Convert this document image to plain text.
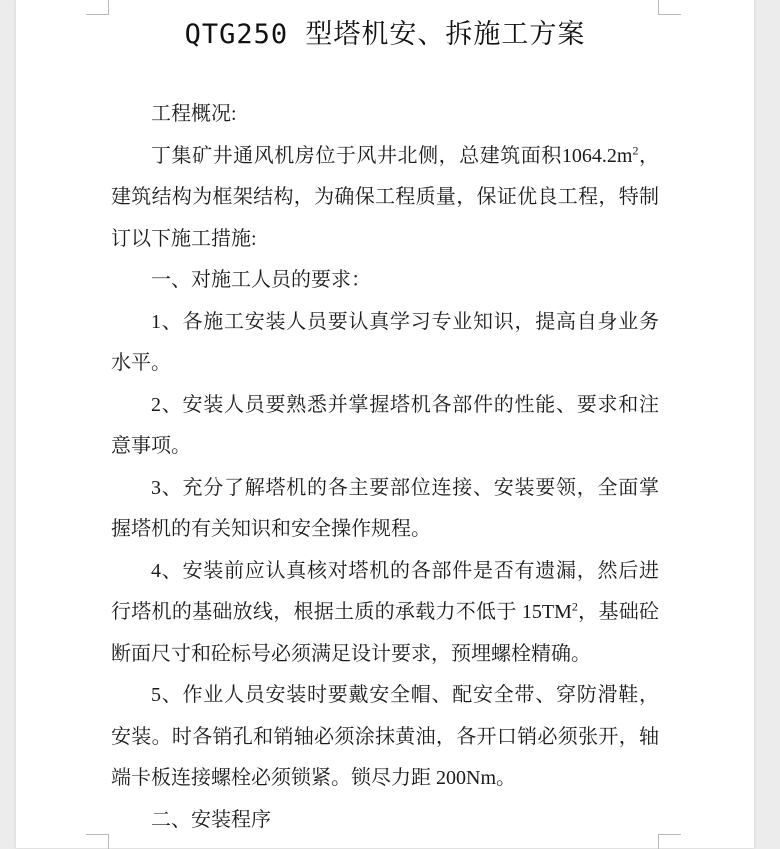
QTG250 型塔机安、拆施工方案

工程概况:

丁集矿井通风机房位于风井北侧，总建筑面积$1064.2m^2$，建筑结构为框架结构，为确保工程质量，保证优良工程，特制订以下施工措施:

一、对施工人员的要求：

1、各施工安装人员要认真学习专业知识，提高自身业务水平。

2、安装人员要熟悉并掌握塔机各部件的性能、要求和注意事项。

3、充分了解塔机的各主要部位连接、安装要领，全面掌握塔机的有关知识和安全操作规程。

4、安装前应认真核对塔机的各部件是否有遗漏，然后进行塔机的基础放线，根据土质的承载力不低于 $15TM^2$，基础砼断面尺寸和砼标号必须满足设计要求，预埋螺栓精确。

5、作业人员安装时要戴安全帽、配安全带、穿防滑鞋，安装。时各销孔和销轴必须涂抹黄油，各开口销必须张开，轴端卡板连接螺栓必须锁紧。锁尽力距 200Nm。

二、安装程序
